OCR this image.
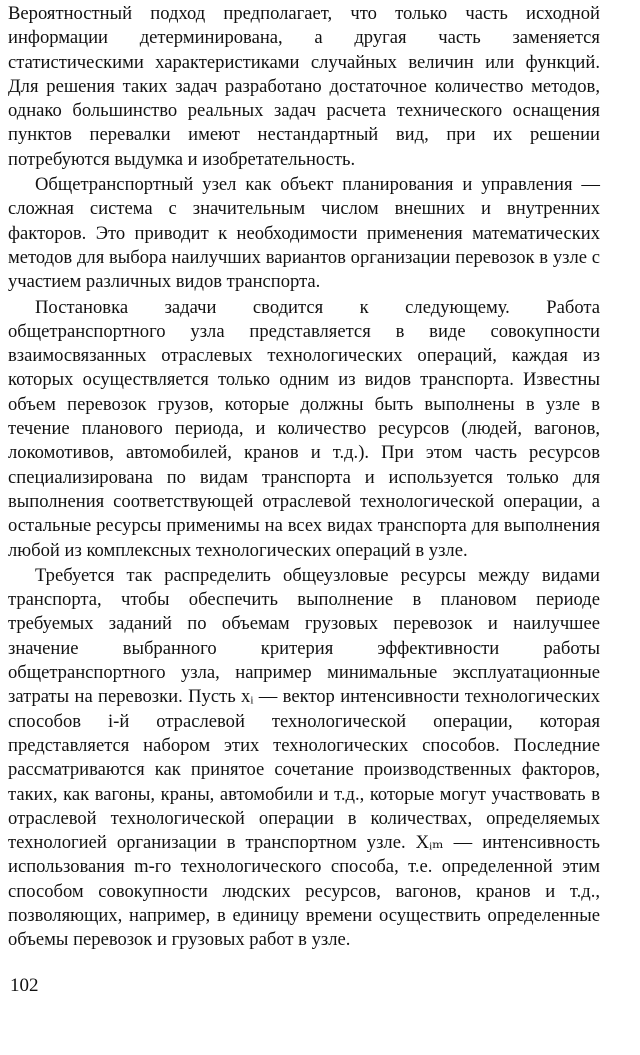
Вероятностный подход предполагает, что только часть исходной информации детерминирована, а другая часть заменяется статистическими характеристиками случайных величин или функций. Для решения таких задач разработано достаточное количество методов, однако большинство реальных задач расчета технического оснащения пунктов перевалки имеют нестандартный вид, при их решении потребуются выдумка и изобретательность.

Общетранспортный узел как объект планирования и управления — сложная система с значительным числом внешних и внутренних факторов. Это приводит к необходимости применения математических методов для выбора наилучших вариантов организации перевозок в узле с участием различных видов транспорта.

Постановка задачи сводится к следующему. Работа общетранспортного узла представляется в виде совокупности взаимосвязанных отраслевых технологических операций, каждая из которых осуществляется только одним из видов транспорта. Известны объем перевозок грузов, которые должны быть выполнены в узле в течение планового периода, и количество ресурсов (людей, вагонов, локомотивов, автомобилей, кранов и т.д.). При этом часть ресурсов специализирована по видам транспорта и используется только для выполнения соответствующей отраслевой технологической операции, а остальные ресурсы применимы на всех видах транспорта для выполнения любой из комплексных технологических операций в узле.

Требуется так распределить общеузловые ресурсы между видами транспорта, чтобы обеспечить выполнение в плановом периоде требуемых заданий по объемам грузовых перевозок и наилучшее значение выбранного критерия эффективности работы общетранспортного узла, например минимальные эксплуатационные затраты на перевозки. Пусть xᵢ — вектор интенсивности технологических способов i-й отраслевой технологической операции, которая представляется набором этих технологических способов. Последние рассматриваются как принятое сочетание производственных факторов, таких, как вагоны, краны, автомобили и т.д., которые могут участвовать в отраслевой технологической операции в количествах, определяемых технологией организации в транспортном узле. Xᵢₘ — интенсивность использования m-го технологического способа, т.е. определенной этим способом совокупности людских ресурсов, вагонов, кранов и т.д., позволяющих, например, в единицу времени осуществить определенные объемы перевозок и грузовых работ в узле.

102
